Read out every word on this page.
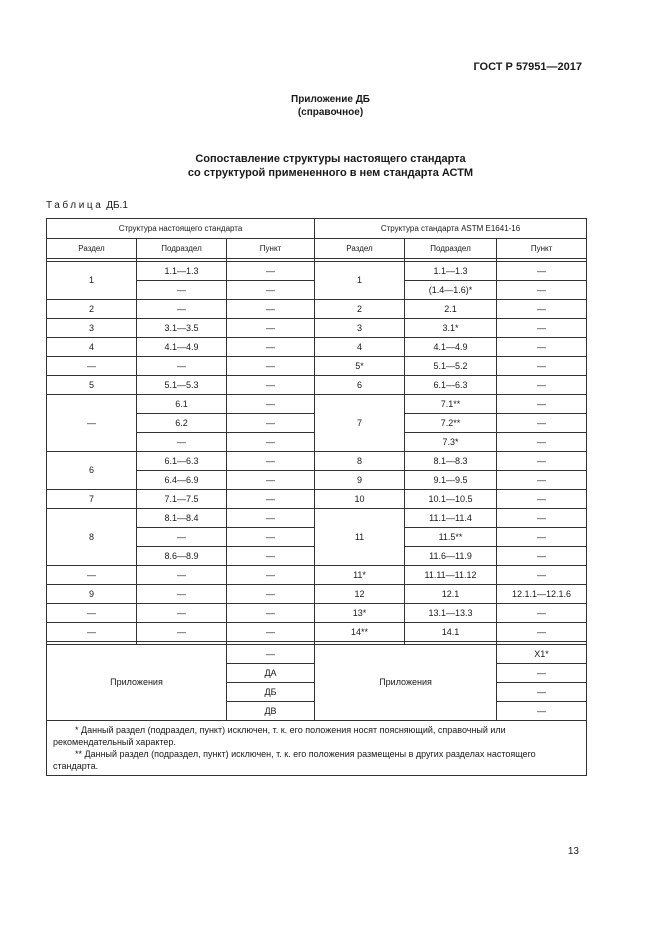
ГОСТ Р 57951—2017
Приложение ДБ
(справочное)
Сопоставление структуры настоящего стандарта
со структурой примененного в нем стандарта АСТМ
Таблица ДБ.1
Структура настоящего стандарта			Структура стандарта ASTM E1641-16		
Раздел	Подраздел	Пункт	Раздел	Подраздел	Пункт

1	1.1—1.3	—	1	1.1—1.3	—
	—	—		(1.4—1.6)*	—
2	—	—	2	2.1	—
3	3.1—3.5	—	3	3.1*	—
4	4.1—4.9	—	4	4.1—4.9	—
—	—	—	5*	5.1—5.2	—
5	5.1—5.3	—	6	6.1—6.3	—
—	6.1	—	7	7.1**	—
	6.2	—		7.2**	—
	—	—		7.3*	—
6	6.1—6.3	—	8	8.1—8.3	—
	6.4—6.9	—	9	9.1—9.5	—
7	7.1—7.5	—	10	10.1—10.5	—
8	8.1—8.4	—	11	11.1—11.4	—
	—	—		11.5**	—
	8.6—8.9	—		11.6—11.9	—
—	—	—	11*	11.11—11.12	—
9	—	—	12	12.1	12.1.1—12.1.6
—	—	—	13*	13.1—13.3	—
—	—	—	14**	14.1	—

Приложения		—	Приложения		X1*
		ДА			—
		ДБ			—
		ДВ			—

* Данный раздел (подраздел, пункт) исключен, т. к. его положения носят поясняющий, справочный или рекомендательный характер.
** Данный раздел (подраздел, пункт) исключен, т. к. его положения размещены в других разделах настоящего стандарта.					
13
